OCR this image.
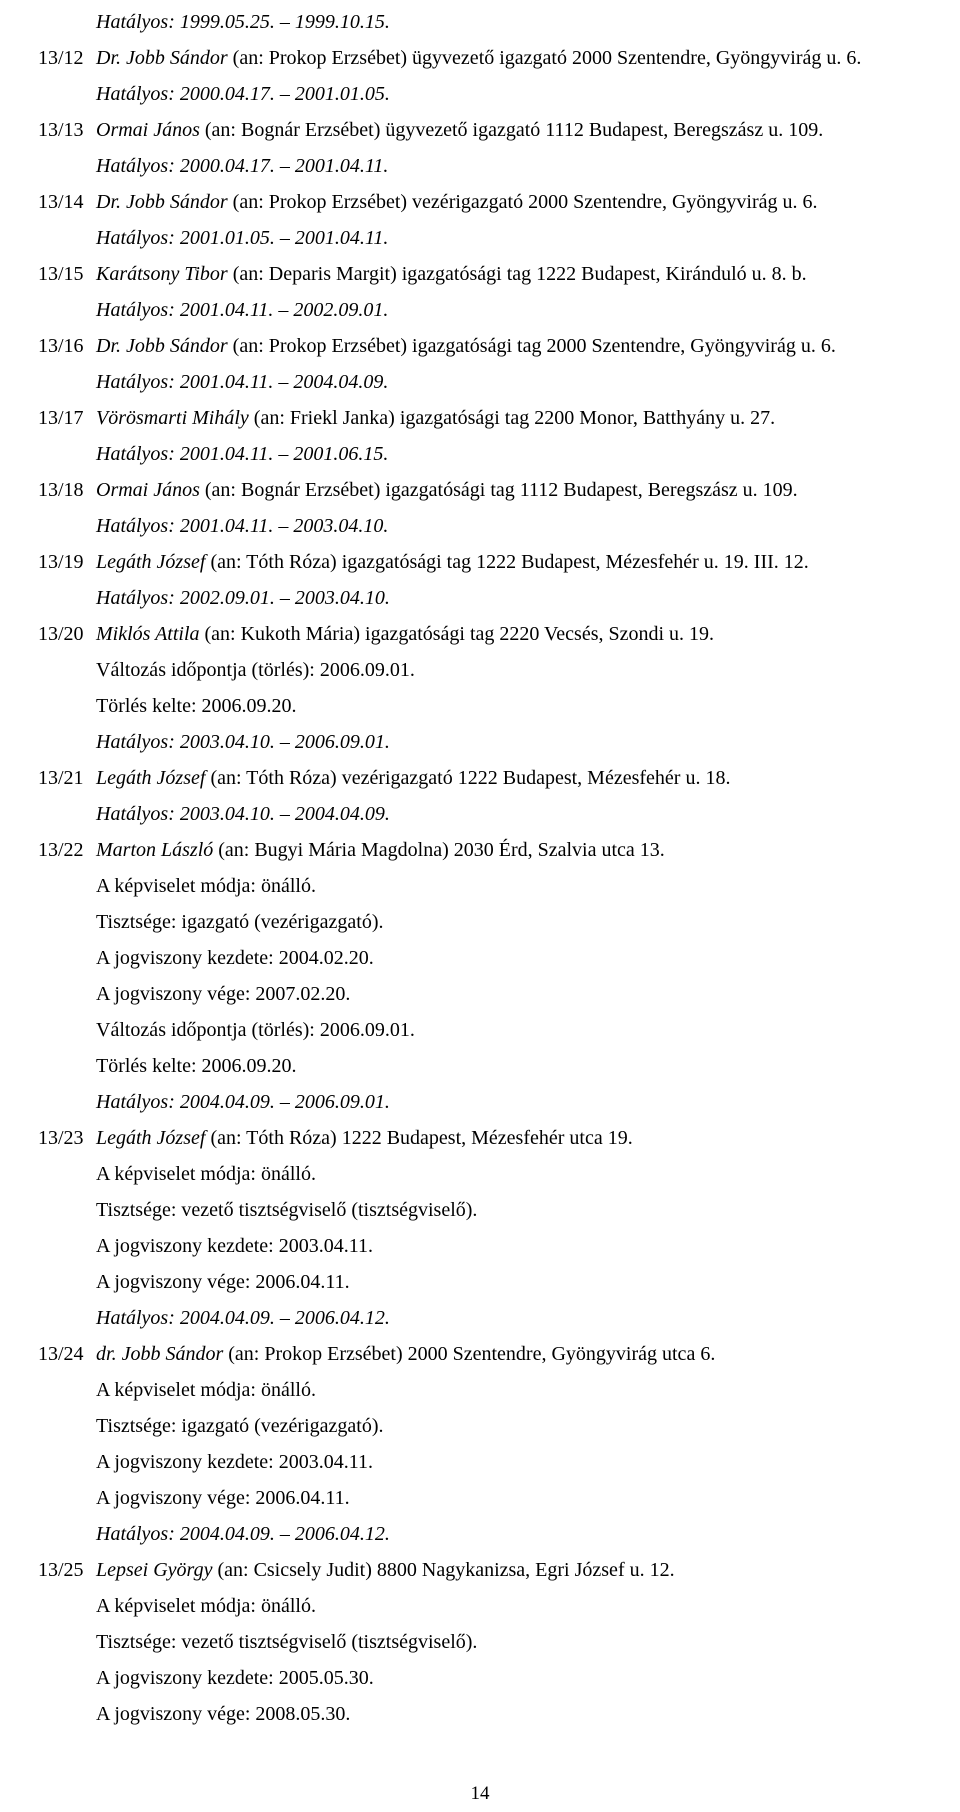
Hatályos: 1999.05.25. – 1999.10.15.
13/12 Dr. Jobb Sándor (an: Prokop Erzsébet) ügyvezető igazgató 2000 Szentendre, Gyöngyvirág u. 6.
Hatályos: 2000.04.17. – 2001.01.05.
13/13 Ormai János (an: Bognár Erzsébet) ügyvezető igazgató 1112 Budapest, Beregszász u. 109.
Hatályos: 2000.04.17. – 2001.04.11.
13/14 Dr. Jobb Sándor (an: Prokop Erzsébet) vezérigazgató 2000 Szentendre, Gyöngyvirág u. 6.
Hatályos: 2001.01.05. – 2001.04.11.
13/15 Karátsony Tibor (an: Deparis Margit) igazgatósági tag 1222 Budapest, Kiránduló u. 8. b.
Hatályos: 2001.04.11. – 2002.09.01.
13/16 Dr. Jobb Sándor (an: Prokop Erzsébet) igazgatósági tag 2000 Szentendre, Gyöngyvirág u. 6.
Hatályos: 2001.04.11. – 2004.04.09.
13/17 Vörösmarti Mihály (an: Friekl Janka) igazgatósági tag 2200 Monor, Batthyány u. 27.
Hatályos: 2001.04.11. – 2001.06.15.
13/18 Ormai János (an: Bognár Erzsébet) igazgatósági tag 1112 Budapest, Beregszász u. 109.
Hatályos: 2001.04.11. – 2003.04.10.
13/19 Legáth József (an: Tóth Róza) igazgatósági tag 1222 Budapest, Mézesfehér u. 19. III. 12.
Hatályos: 2002.09.01. – 2003.04.10.
13/20 Miklós Attila (an: Kukoth Mária) igazgatósági tag 2220 Vecsés, Szondi u. 19.
Változás időpontja (törlés): 2006.09.01.
Törlés kelte: 2006.09.20.
Hatályos: 2003.04.10. – 2006.09.01.
13/21 Legáth József (an: Tóth Róza) vezérigazgató 1222 Budapest, Mézesfehér u. 18.
Hatályos: 2003.04.10. – 2004.04.09.
13/22 Marton László (an: Bugyi Mária Magdolna) 2030 Érd, Szalvia utca 13.
A képviselet módja: önálló.
Tisztsége: igazgató (vezérigazgató).
A jogviszony kezdete: 2004.02.20.
A jogviszony vége: 2007.02.20.
Változás időpontja (törlés): 2006.09.01.
Törlés kelte: 2006.09.20.
Hatályos: 2004.04.09. – 2006.09.01.
13/23 Legáth József (an: Tóth Róza) 1222 Budapest, Mézesfehér utca 19.
A képviselet módja: önálló.
Tisztsége: vezető tisztségviselő (tisztségviselő).
A jogviszony kezdete: 2003.04.11.
A jogviszony vége: 2006.04.11.
Hatályos: 2004.04.09. – 2006.04.12.
13/24 dr. Jobb Sándor (an: Prokop Erzsébet) 2000 Szentendre, Gyöngyvirág utca 6.
A képviselet módja: önálló.
Tisztsége: igazgató (vezérigazgató).
A jogviszony kezdete: 2003.04.11.
A jogviszony vége: 2006.04.11.
Hatályos: 2004.04.09. – 2006.04.12.
13/25 Lepsei György (an: Csicsely Judit) 8800 Nagykanizsa, Egri József u. 12.
A képviselet módja: önálló.
Tisztsége: vezető tisztségviselő (tisztségviselő).
A jogviszony kezdete: 2005.05.30.
A jogviszony vége: 2008.05.30.
14
